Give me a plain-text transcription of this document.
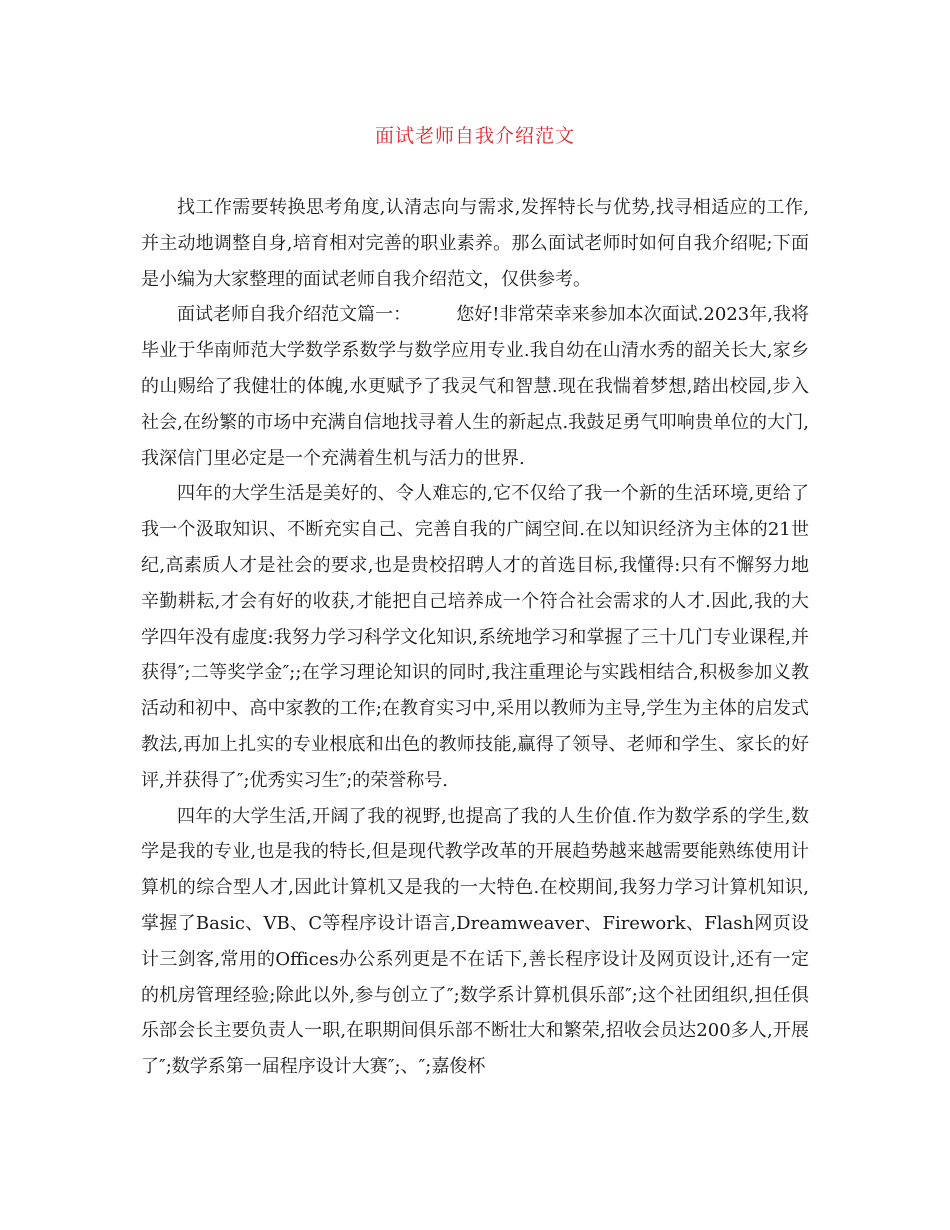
面试老师自我介绍范文

找工作需要转换思考角度,认清志向与需求,发挥特长与优势,找寻相适应的工作,并主动地调整自身,培育相对完善的职业素养。那么面试老师时如何自我介绍呢;下面是小编为大家整理的面试老师自我介绍范文，仅供参考。

面试老师自我介绍范文篇一：　　　您好!非常荣幸来参加本次面试.2023年,我将毕业于华南师范大学数学系数学与数学应用专业.我自幼在山清水秀的韶关长大,家乡的山赐给了我健壮的体魄,水更赋予了我灵气和智慧.现在我惴着梦想,踏出校园,步入社会,在纷繁的市场中充满自信地找寻着人生的新起点.我鼓足勇气叩响贵单位的大门,我深信门里必定是一个充满着生机与活力的世界.

四年的大学生活是美好的、令人难忘的,它不仅给了我一个新的生活环境,更给了我一个汲取知识、不断充实自己、完善自我的广阔空间.在以知识经济为主体的21世纪,高素质人才是社会的要求,也是贵校招聘人才的首选目标,我懂得:只有不懈努力地辛勤耕耘,才会有好的收获,才能把自己培养成一个符合社会需求的人才.因此,我的大学四年没有虚度:我努力学习科学文化知识,系统地学习和掌握了三十几门专业课程,并获得″;二等奖学金″;;在学习理论知识的同时,我注重理论与实践相结合,积极参加义教活动和初中、高中家教的工作;在教育实习中,采用以教师为主导,学生为主体的启发式教法,再加上扎实的专业根底和出色的教师技能,赢得了领导、老师和学生、家长的好评,并获得了″;优秀实习生″;的荣誉称号.

四年的大学生活,开阔了我的视野,也提高了我的人生价值.作为数学系的学生,数学是我的专业,也是我的特长,但是现代教学改革的开展趋势越来越需要能熟练使用计算机的综合型人才,因此计算机又是我的一大特色.在校期间,我努力学习计算机知识,掌握了Basic、VB、C等程序设计语言,Dreamweaver、Firework、Flash网页设计三剑客,常用的Offices办公系列更是不在话下,善长程序设计及网页设计,还有一定的机房管理经验;除此以外,参与创立了″;数学系计算机俱乐部″;这个社团组织,担任俱乐部会长主要负责人一职,在职期间俱乐部不断壮大和繁荣,招收会员达200多人,开展了″;数学系第一届程序设计大赛″;、″;嘉俊杯
